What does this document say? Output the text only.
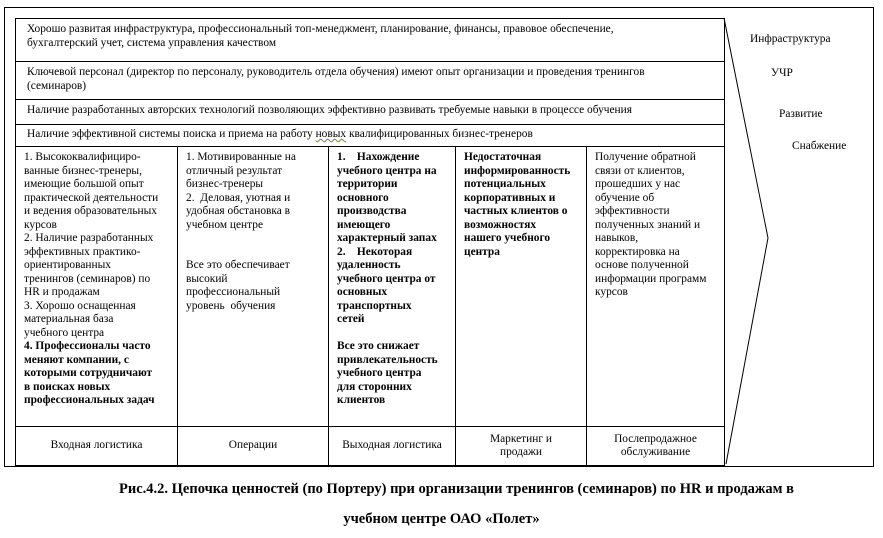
Хорошо развитая инфраструктура, профессиональный топ-менеджмент, планирование, финансы, правовое обеспечение,
бухгалтерский учет, система управления качеством
Ключевой персонал (директор по персоналу, руководитель отдела обучения) имеют опыт организации и проведения тренингов
(семинаров)
Наличие разработанных авторских технологий позволяющих эффективно развивать требуемые навыки в процессе обучения
Наличие эффективной системы поиска и приема на работу новых квалифицированных бизнес-тренеров
1. Высококвалифициро-
ванные бизнес-тренеры,
имеющие большой опыт
практической деятельности
и ведения образовательных
курсов
2. Наличие разработанных
эффективных практико-
ориентированных
тренингов (семинаров) по
HR и продажам
3. Хорошо оснащенная
материальная база
учебного центра
4. Профессионалы часто
меняют компании, с
которыми сотрудничают
в поисках новых
профессиональных задач
1. Мотивированные на
отличный результат
бизнес-тренеры
2.  Деловая, уютная и
удобная обстановка в
учебном центре
Все это обеспечивает
высокий
профессиональный
уровень  обучения
1.    Нахождение
учебного центра на
территории
основного
производства
имеющего
характерный запах
2.    Некоторая
удаленность
учебного центра от
основных
транспортных
сетей
Все это снижает
привлекательность
учебного центра
для сторонних
клиентов
Недостаточная
информированность
потенциальных
корпоративных и
частных клиентов о
возможностях
нашего учебного
центра
Получение обратной
связи от клиентов,
прошедших у нас
обучение об
эффективности
полученных знаний и
навыков,
корректировка на
основе полученной
информации программ
курсов
Входная логистика	Операции	Выходная логистика
Маркетинг и
продажи
Послепродажное
обслуживание
Инфраструктура
УЧР
Развитие
Снабжение
Рис.4.2. Цепочка ценностей (по Портеру) при организации тренингов (семинаров) по HR и продажам в
учебном центре ОАО «Полет»
